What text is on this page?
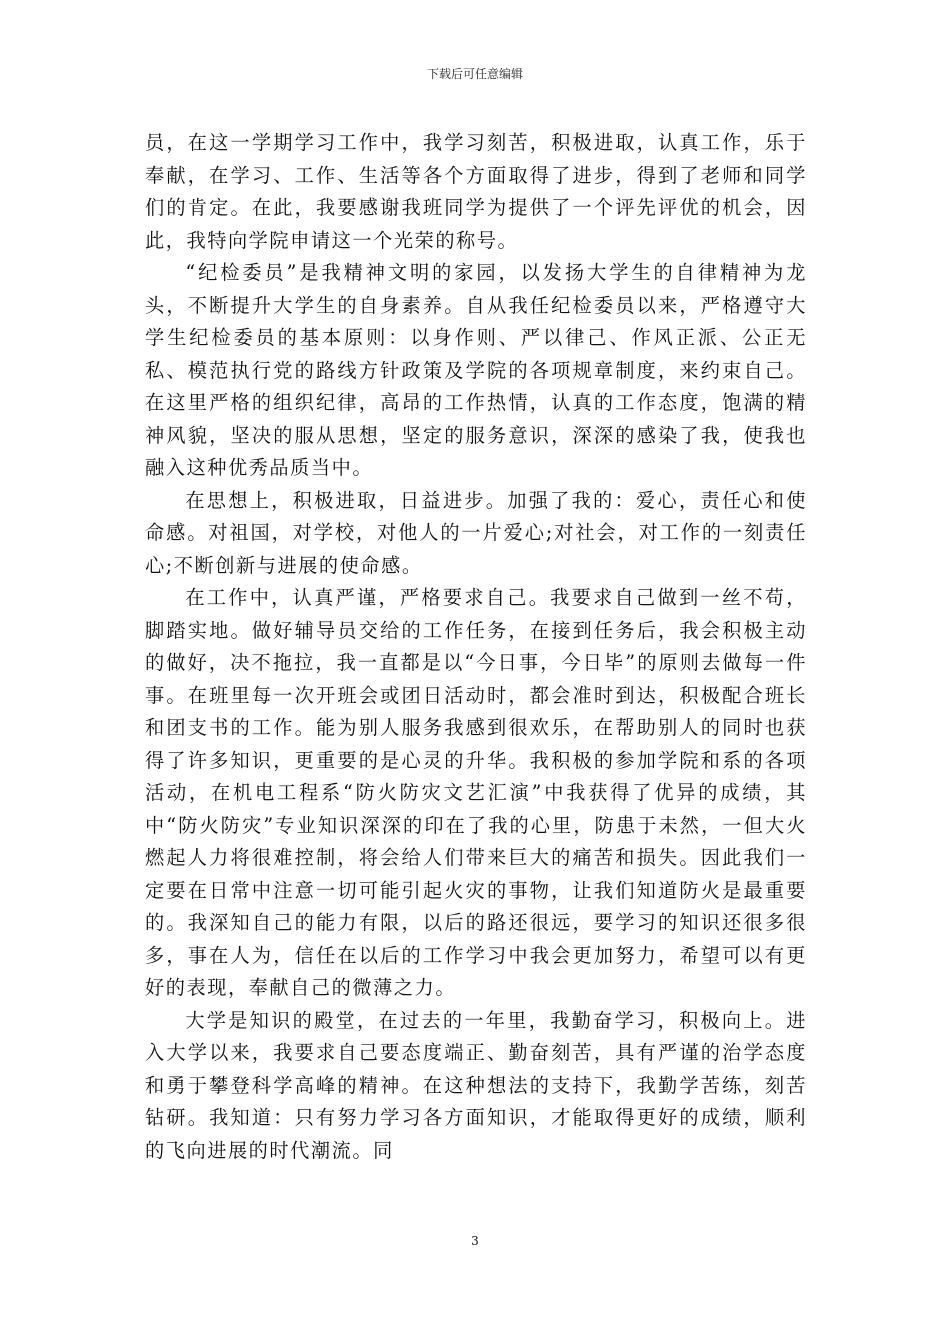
下载后可任意编辑

员，在这一学期学习工作中，我学习刻苦，积极进取，认真工作，乐于奉献，在学习、工作、生活等各个方面取得了进步，得到了老师和同学们的肯定。在此，我要感谢我班同学为提供了一个评先评优的机会，因此，我特向学院申请这一个光荣的称号。

“纪检委员”是我精神文明的家园，以发扬大学生的自律精神为龙头，不断提升大学生的自身素养。自从我任纪检委员以来，严格遵守大学生纪检委员的基本原则：以身作则、严以律己、作风正派、公正无私、模范执行党的路线方针政策及学院的各项规章制度，来约束自己。在这里严格的组织纪律，高昂的工作热情，认真的工作态度，饱满的精神风貌，坚决的服从思想，坚定的服务意识，深深的感染了我，使我也融入这种优秀品质当中。

在思想上，积极进取，日益进步。加强了我的：爱心，责任心和使命感。对祖国，对学校，对他人的一片爱心;对社会，对工作的一刻责任心;不断创新与进展的使命感。

在工作中，认真严谨，严格要求自己。我要求自己做到一丝不苟，脚踏实地。做好辅导员交给的工作任务，在接到任务后，我会积极主动的做好，决不拖拉，我一直都是以“今日事，今日毕”的原则去做每一件事。在班里每一次开班会或团日活动时，都会准时到达，积极配合班长和团支书的工作。能为别人服务我感到很欢乐，在帮助别人的同时也获得了许多知识，更重要的是心灵的升华。我积极的参加学院和系的各项活动，在机电工程系“防火防灾文艺汇演”中我获得了优异的成绩，其中“防火防灾”专业知识深深的印在了我的心里，防患于未然，一但大火燃起人力将很难控制，将会给人们带来巨大的痛苦和损失。因此我们一定要在日常中注意一切可能引起火灾的事物，让我们知道防火是最重要的。我深知自己的能力有限，以后的路还很远，要学习的知识还很多很多，事在人为，信任在以后的工作学习中我会更加努力，希望可以有更好的表现，奉献自己的微薄之力。

大学是知识的殿堂，在过去的一年里，我勤奋学习，积极向上。进入大学以来，我要求自己要态度端正、勤奋刻苦，具有严谨的治学态度和勇于攀登科学高峰的精神。在这种想法的支持下，我勤学苦练，刻苦钻研。我知道：只有努力学习各方面知识，才能取得更好的成绩，顺利的飞向进展的时代潮流。同

3
